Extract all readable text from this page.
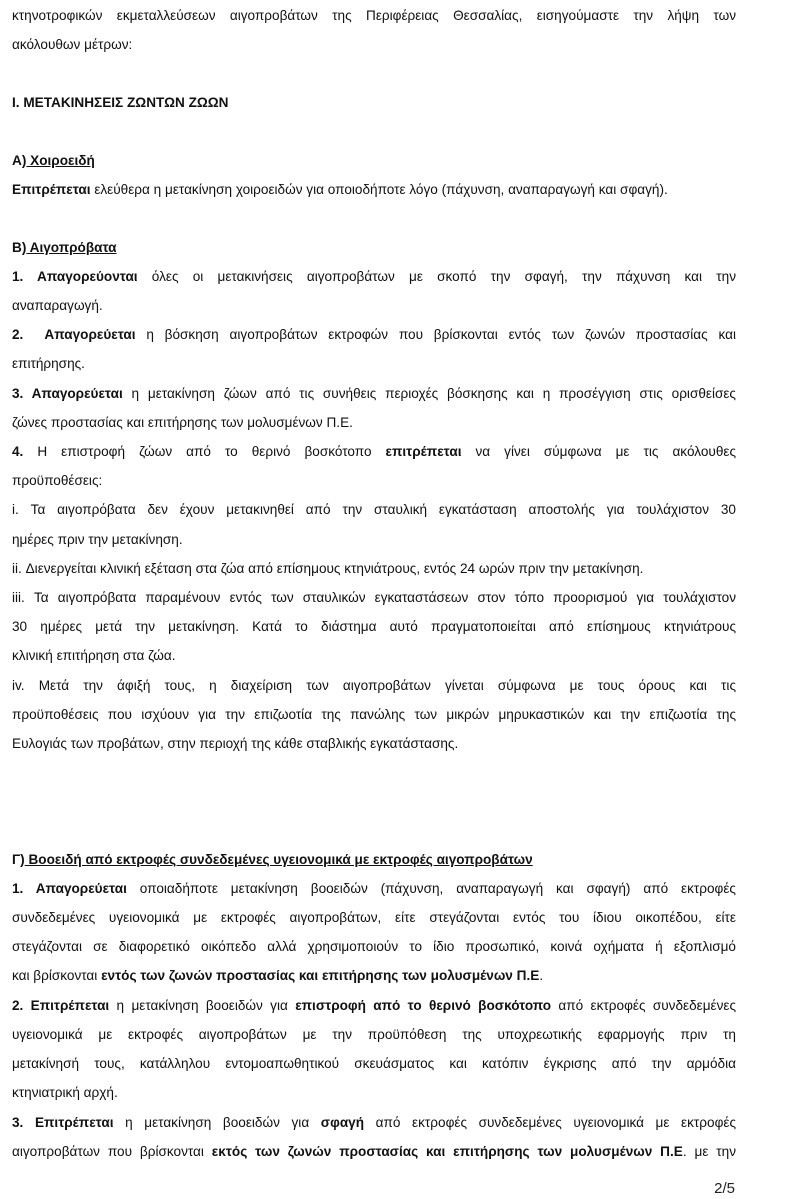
κτηνοτροφικών εκμεταλλεύσεων αιγοπροβάτων της Περιφέρειας Θεσσαλίας, εισηγούμαστε την λήψη των
ακόλουθων μέτρων:
I. ΜΕΤΑΚΙΝΗΣΕΙΣ ΖΩΝΤΩΝ ΖΩΩΝ
Α) Χοιροειδή
Επιτρέπεται ελεύθερα η μετακίνηση χοιροειδών για οποιοδήποτε λόγο (πάχυνση, αναπαραγωγή και σφαγή).
Β) Αιγοπρόβατα
1. Απαγορεύονται όλες οι μετακινήσεις αιγοπροβάτων με σκοπό την σφαγή, την πάχυνση και την
αναπαραγωγή.
2.  Απαγορεύεται η βόσκηση αιγοπροβάτων εκτροφών που βρίσκονται εντός των ζωνών προστασίας και
επιτήρησης.
3. Απαγορεύεται η μετακίνηση ζώων από τις συνήθεις περιοχές βόσκησης και η προσέγγιση στις ορισθείσες
ζώνες προστασίας και επιτήρησης των μολυσμένων Π.Ε.
4. Η επιστροφή ζώων από το θερινό βοσκότοπο επιτρέπεται να γίνει σύμφωνα με τις ακόλουθες
προϋποθέσεις:
i. Τα αιγοπρόβατα δεν έχουν μετακινηθεί από την σταυλική εγκατάσταση αποστολής για τουλάχιστον 30
ημέρες πριν την μετακίνηση.
ii. Διενεργείται κλινική εξέταση στα ζώα από επίσημους κτηνιάτρους, εντός 24 ωρών πριν την μετακίνηση.
iii. Τα αιγοπρόβατα παραμένουν εντός των σταυλικών εγκαταστάσεων στον τόπο προορισμού για τουλάχιστον
30 ημέρες μετά την μετακίνηση. Κατά το διάστημα αυτό πραγματοποιείται από επίσημους κτηνιάτρους
κλινική επιτήρηση στα ζώα.
iv. Μετά την άφιξή τους, η διαχείριση των αιγοπροβάτων γίνεται σύμφωνα με τους όρους και τις
προϋποθέσεις που ισχύουν για την επιζωοτία της πανώλης των μικρών μηρυκαστικών και την επιζωοτία της
Ευλογιάς των προβάτων, στην περιοχή της κάθε σταβλικής εγκατάστασης.
Γ) Βοοειδή από εκτροφές συνδεδεμένες υγειονομικά με εκτροφές αιγοπροβάτων
1. Απαγορεύεται οποιαδήποτε μετακίνηση βοοειδών (πάχυνση, αναπαραγωγή και σφαγή) από εκτροφές
συνδεδεμένες υγειονομικά με εκτροφές αιγοπροβάτων, είτε στεγάζονται εντός του ίδιου οικοπέδου, είτε
στεγάζονται σε διαφορετικό οικόπεδο αλλά χρησιμοποιούν το ίδιο προσωπικό, κοινά οχήματα ή εξοπλισμό
και βρίσκονται εντός των ζωνών προστασίας και επιτήρησης των μολυσμένων Π.Ε.
2. Επιτρέπεται η μετακίνηση βοοειδών για επιστροφή από το θερινό βοσκότοπο από εκτροφές συνδεδεμένες
υγειονομικά με εκτροφές αιγοπροβάτων με την προϋπόθεση της υποχρεωτικής εφαρμογής πριν τη
μετακίνησή τους, κατάλληλου εντομοαπωθητικού σκευάσματος και κατόπιν έγκρισης από την αρμόδια
κτηνιατρική αρχή.
3. Επιτρέπεται η μετακίνηση βοοειδών για σφαγή από εκτροφές συνδεδεμένες υγειονομικά με εκτροφές
αιγοπροβάτων που βρίσκονται εκτός των ζωνών προστασίας και επιτήρησης των μολυσμένων Π.Ε. με την
2/5
